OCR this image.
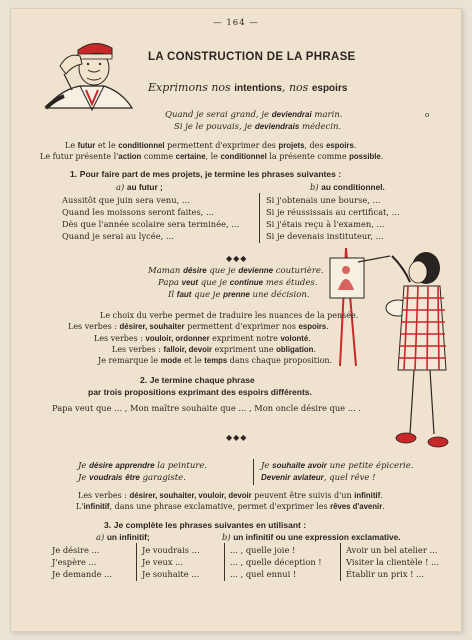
— 164 —
LA CONSTRUCTION DE LA PHRASE
Exprimons nos intentions, nos espoirs
Quand je serai grand, je deviendrai marin.
Si je le pouvais, je deviendrais médecin.
o
Le futur et le conditionnel permettent d'exprimer des projets, des espoirs.
Le futur présente l'action comme certaine, le conditionnel la présente comme possible.
1. Pour faire part de mes projets, je termine les phrases suivantes :
a) au futur ;	b) au conditionnel.
Aussitôt que juin sera venu, ...
Quand les moissons seront faites, ...
Dès que l'année scolaire sera terminée, ...
Quand je serai au lycée, ...
Si j'obtenais une bourse, ...
Si je réussissais au certificat, ...
Si j'étais reçu à l'examen, ...
Si je devenais instituteur, ...
◆◆◆
Maman désire que je devienne couturière.
Papa veut que je continue mes études.
Il faut que je prenne une décision.
Le choix du verbe permet de traduire les nuances de la pensée.
Les verbes : désirer, souhaiter permettent d'exprimer nos espoirs.
Les verbes : vouloir, ordonner expriment notre volonté.
Les verbes : falloir, devoir expriment une obligation.
Je remarque le mode et le temps dans chaque proposition.
2. Je termine chaque phrase
par trois propositions exprimant des espoirs différents.
Papa veut que ... , Mon maître souhaite que ... , Mon oncle désire que ... .
◆◆◆
Je désire apprendre la peinture.
Je voudrais être garagiste.
Je souhaite avoir une petite épicerie.
Devenir aviateur, quel rêve !
Les verbes : désirer, souhaiter, vouloir, devoir peuvent être suivis d'un infinitif.
L'infinitif, dans une phrase exclamative, permet d'exprimer les rêves d'avenir.
3. Je complète les phrases suivantes en utilisant :
a) un infinitif;	b) un infinitif ou une expression exclamative.
Je désire ...
J'espère ...
Je demande ...
Je voudrais ...
Je veux ...
Je souhaite ...
... , quelle joie !
... , quelle déception !
... , quel ennui !
Avoir un bel atelier ...
Visiter la clientèle ! ...
Établir un prix ! ...
